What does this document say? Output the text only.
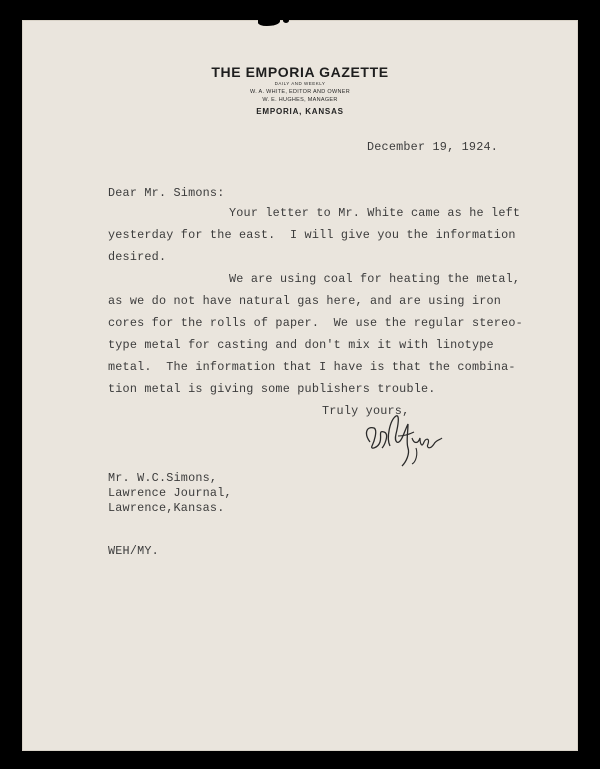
THE EMPORIA GAZETTE
DAILY AND WEEKLY
W. A. WHITE, EDITOR AND OWNER
W. E. HUGHES, MANAGER
EMPORIA, KANSAS
December 19, 1924.
Dear Mr. Simons:
Your letter to Mr. White came as he left
yesterday for the east.  I will give you the information
desired.
We are using coal for heating the metal,
as we do not have natural gas here, and are using iron
cores for the rolls of paper.  We use the regular stereo-
type metal for casting and don't mix it with linotype
metal.  The information that I have is that the combina-
tion metal is giving some publishers trouble.
Truly yours,
Mr. W.C.Simons,
Lawrence Journal,
Lawrence,Kansas.
WEH/MY.
